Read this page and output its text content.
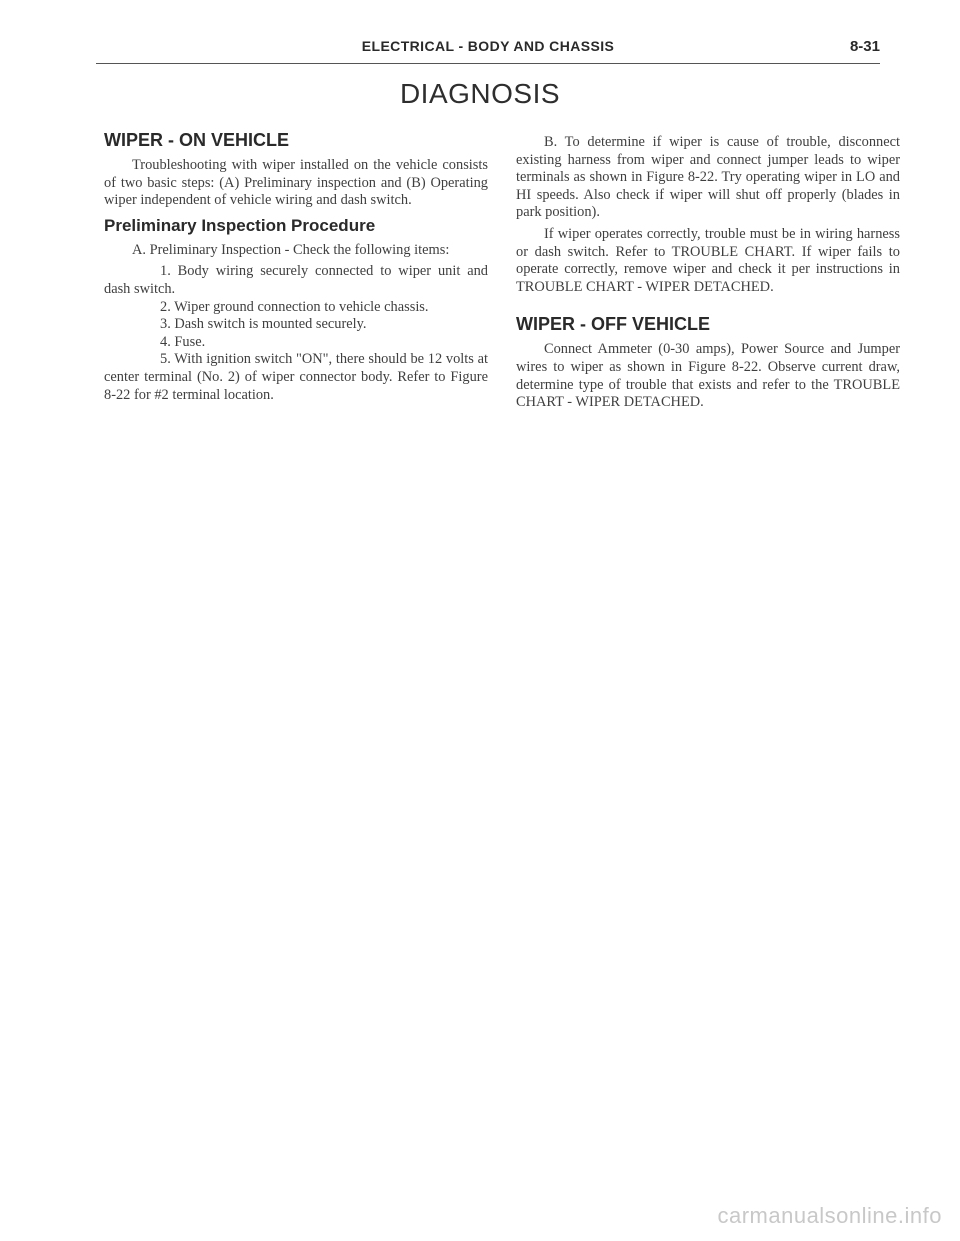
ELECTRICAL - BODY AND CHASSIS	8-31
DIAGNOSIS
WIPER - ON VEHICLE

Troubleshooting with wiper installed on the vehicle consists of two basic steps: (A) Preliminary inspection and (B) Operating wiper independent of vehicle wiring and dash switch.

Preliminary Inspection Procedure

A. Preliminary Inspection - Check the following items:

1. Body wiring securely connected to wiper unit and dash switch.

2. Wiper ground connection to vehicle chassis.

3. Dash switch is mounted securely.

4. Fuse.

5. With ignition switch "ON", there should be 12 volts at center terminal (No. 2) of wiper connector body. Refer to Figure 8-22 for #2 terminal location.

B. To determine if wiper is cause of trouble, disconnect existing harness from wiper and connect jumper leads to wiper terminals as shown in Figure 8-22. Try operating wiper in LO and HI speeds. Also check if wiper will shut off properly (blades in park position).

If wiper operates correctly, trouble must be in wiring harness or dash switch. Refer to TROUBLE CHART. If wiper fails to operate correctly, remove wiper and check it per instructions in TROUBLE CHART - WIPER DETACHED.

WIPER - OFF VEHICLE

Connect Ammeter (0-30 amps), Power Source and Jumper wires to wiper as shown in Figure 8-22. Observe current draw, determine type of trouble that exists and refer to the TROUBLE CHART - WIPER DETACHED.

carmanualsonline.info
